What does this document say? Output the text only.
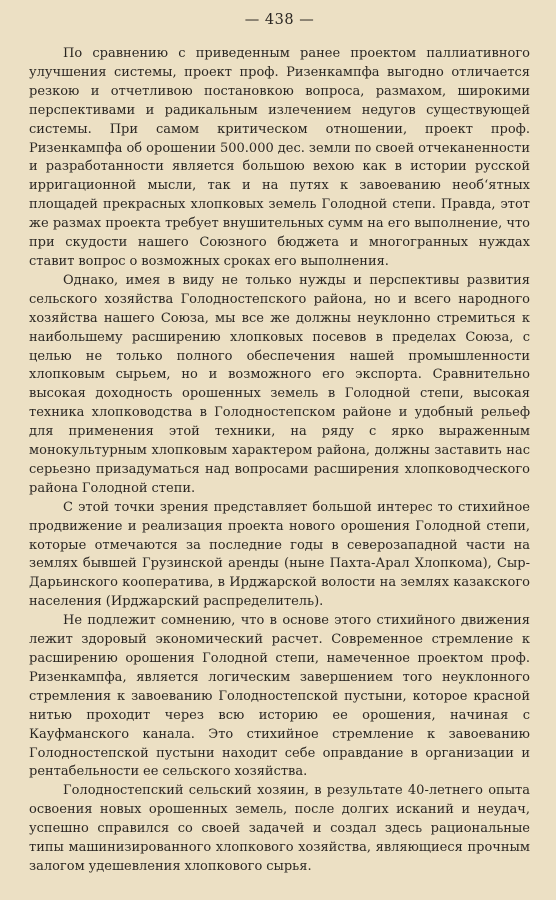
— 438 —

По сравнению с приведенным ранее проектом паллиативного улучшения системы, проект проф. Ризенкампфа выгодно отличается резкою и отчетливою постановкою вопроса, размахом, широкими перспективами и радикальным излечением недугов существующей системы. При самом критическом отношении, проект проф. Ризенкампфа об орошении 500.000 дес. земли по своей отчеканенности и разработанности является большою вехою как в истории русской ирригационной мысли, так и на путях к завоеванию необ‘ятных площадей прекрасных хлопковых земель Голодной степи. Правда, этот же размах проекта требует внушительных сумм на его выполнение, что при скудости нашего Союзного бюджета и многогранных нуждах ставит вопрос о возможных сроках его выполнения.

Однако, имея в виду не только нужды и перспективы развития сельского хозяйства Голодностепского района, но и всего народного хозяйства нашего Союза, мы все же должны неуклонно стремиться к наибольшему расширению хлопковых посевов в пределах Союза, с целью не только полного обеспечения нашей промышленности хлопковым сырьем, но и возможного его экспорта. Сравнительно высокая доходность орошенных земель в Голодной степи, высокая техника хлопководства в Голодностепском районе и удобный рельеф для применения этой техники, на ряду с ярко выраженным монокультурным хлопковым характером района, должны заставить нас серьезно призадуматься над вопросами расширения хлопководческого района Голодной степи.

С этой точки зрения представляет большой интерес то стихийное продвижение и реализация проекта нового орошения Голодной степи, которые отмечаются за последние годы в северозападной части на землях бывшей Грузинской аренды (ныне Пахта-Арал Хлопкома), Сыр-Дарьинского кооператива, в Ирджарской волости на землях казакского населения (Ирджарский распределитель).

Не подлежит сомнению, что в основе этого стихийного движения лежит здоровый экономический расчет. Современное стремление к расширению орошения Голодной степи, намеченное проектом проф. Ризенкампфа, является логическим завершением того неуклонного стремления к завоеванию Голодностепской пустыни, которое красной нитью проходит через всю историю ее орошения, начиная с Кауфманского канала. Это стихийное стремление к завоеванию Голодностепской пустыни находит себе оправдание в организации и рентабельности ее сельского хозяйства.

Голодностепский сельский хозяин, в результате 40-летнего опыта освоения новых орошенных земель, после долгих исканий и неудач, успешно справился со своей задачей и создал здесь рациональные типы машинизированного хлопкового хозяйства, являющиеся прочным залогом удешевления хлопкового сырья.
